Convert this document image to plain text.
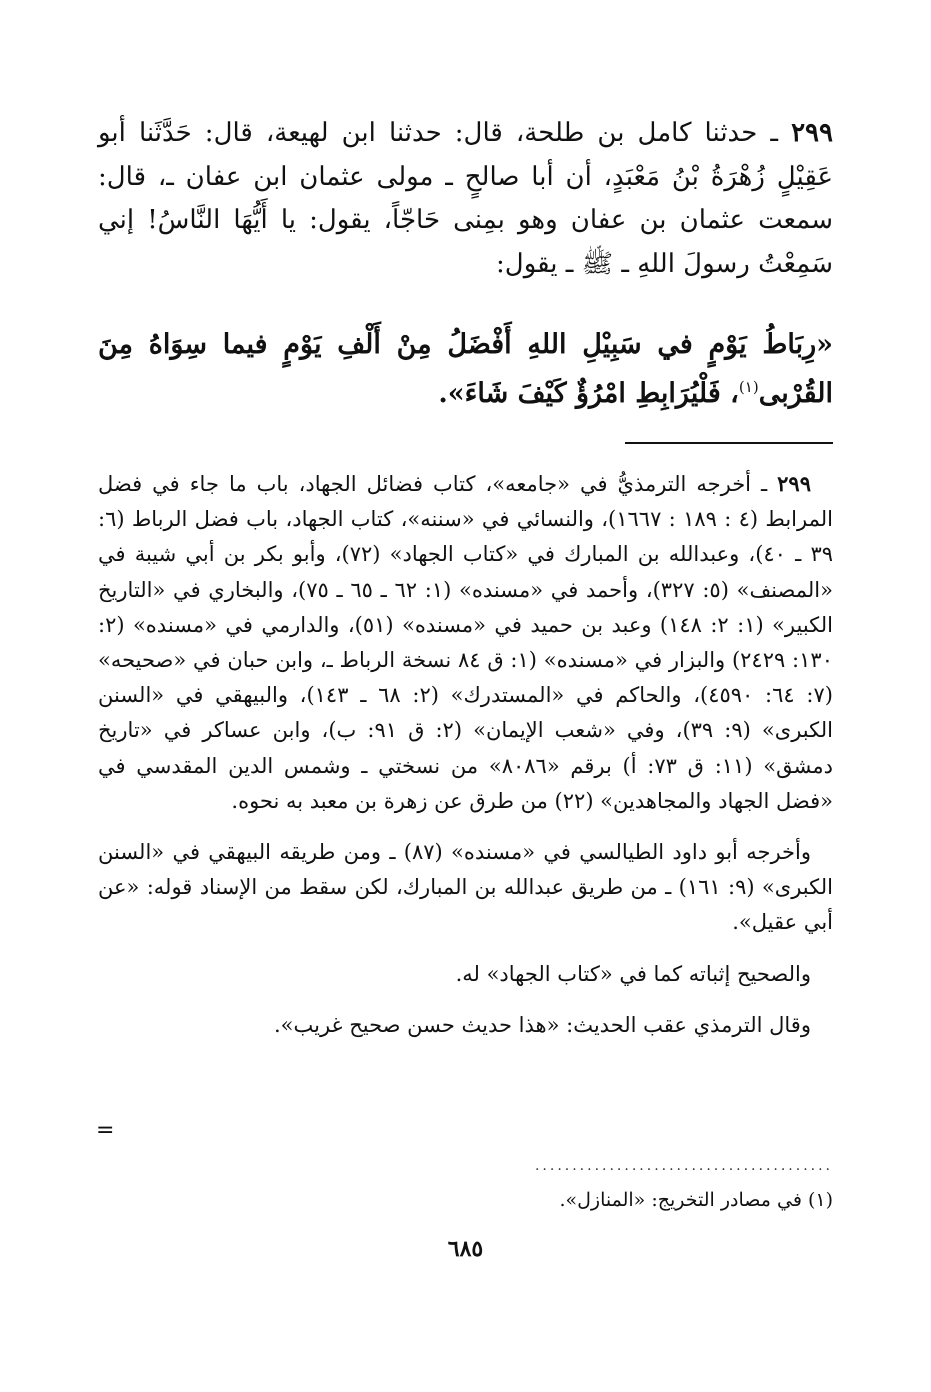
٢٩٩ ـ حدثنا كامل بن طلحة، قال: حدثنا ابن لهيعة، قال: حَدَّثَنا أبو عَقِيْلٍ زُهْرَةُ بْنُ مَعْبَدٍ، أن أبا صالحٍ ـ مولى عثمان ابن عفان ـ، قال: سمعت عثمان بن عفان وهو بمِنى حَاجّاً، يقول: يا أَيُّهَا النَّاسُ! إني سَمِعْتُ رسولَ اللهِ ـ ﷺ ـ يقول:
«رِبَاطُ يَوْمٍ في سَبِيْلِ اللهِ أَفْضَلُ مِنْ أَلْفِ يَوْمٍ فيما سِوَاهُ مِنَ القُرْبى$^{(١)}$، فَلْيُرَابِطِ امْرُؤٌ كَيْفَ شَاءَ».

٢٩٩ ـ أخرجه الترمذيُّ في «جامعه»، كتاب فضائل الجهاد، باب ما جاء في فضل المرابط (٤ : ١٨٩ : ١٦٦٧)، والنسائي في «سننه»، كتاب الجهاد، باب فضل الرباط (٦: ٣٩ ـ ٤٠)، وعبدالله بن المبارك في «كتاب الجهاد» (٧٢)، وأبو بكر بن أبي شيبة في «المصنف» (٥: ٣٢٧)، وأحمد في «مسنده» (١: ٦٢ ـ ٦٥ ـ ٧٥)، والبخاري في «التاريخ الكبير» (١: ٢: ١٤٨) وعبد بن حميد في «مسنده» (٥١)، والدارمي في «مسنده» (٢: ١٣٠: ٢٤٢٩) والبزار في «مسنده» (١: ق ٨٤ نسخة الرباط ـ، وابن حبان في «صحيحه» (٧: ٦٤: ٤٥٩٠)، والحاكم في «المستدرك» (٢: ٦٨ ـ ١٤٣)، والبيهقي في «السنن الكبرى» (٩: ٣٩)، وفي «شعب الإيمان» (٢: ق ٩١: ب)، وابن عساكر في «تاريخ دمشق» (١١: ق ٧٣: أ) برقم «٨٠٨٦» من نسختي ـ وشمس الدين المقدسي في «فضل الجهاد والمجاهدين» (٢٢) من طرق عن زهرة بن معبد به نحوه.

وأخرجه أبو داود الطيالسي في «مسنده» (٨٧) ـ ومن طريقه البيهقي في «السنن الكبرى» (٩: ١٦١) ـ من طريق عبدالله بن المبارك، لكن سقط من الإسناد قوله: «عن أبي عقيل».

والصحيح إثباته كما في «كتاب الجهاد» له.

وقال الترمذي عقب الحديث: «هذا حديث حسن صحيح غريب».

=
........................................
(١) في مصادر التخريج: «المنازل».
٦٨٥
